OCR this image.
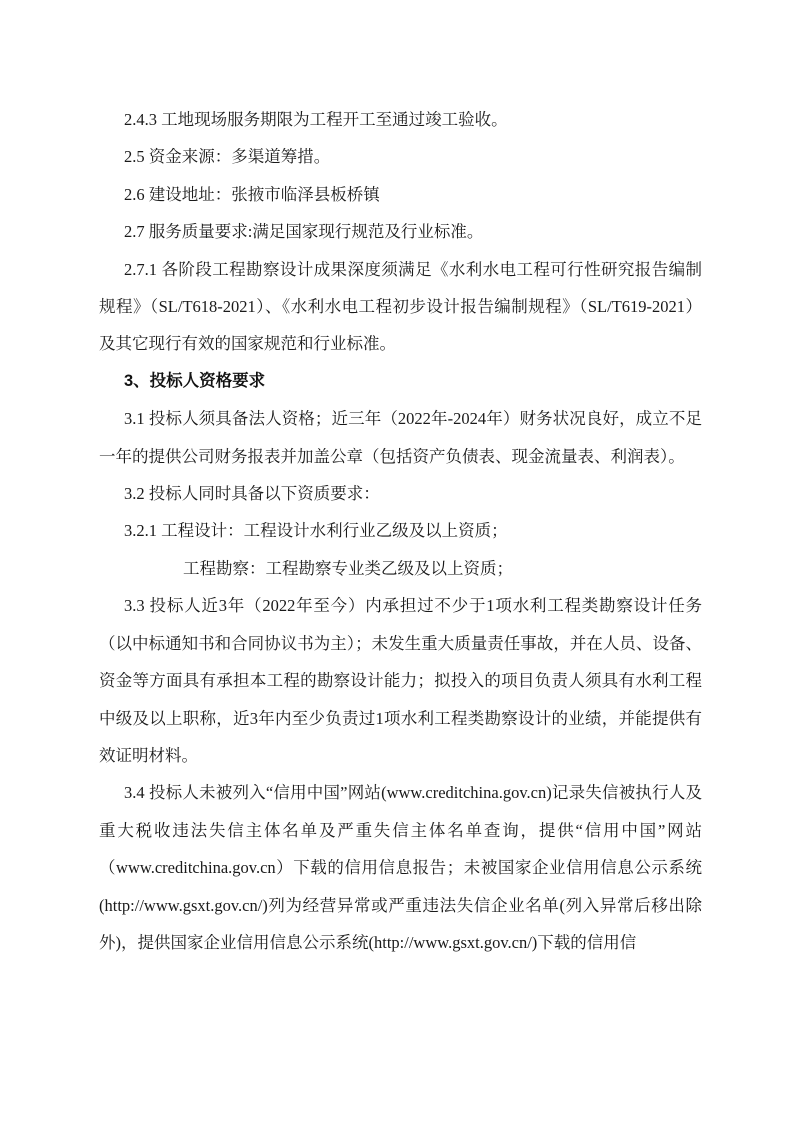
2.4.3 工地现场服务期限为工程开工至通过竣工验收。

2.5 资金来源：多渠道筹措。

2.6 建设地址：张掖市临泽县板桥镇

2.7 服务质量要求:满足国家现行规范及行业标准。

2.7.1 各阶段工程勘察设计成果深度须满足《水利水电工程可行性研究报告编制规程》（SL/T618-2021）、《水利水电工程初步设计报告编制规程》（SL/T619-2021）及其它现行有效的国家规范和行业标准。

3、投标人资格要求

3.1 投标人须具备法人资格；近三年（2022年-2024年）财务状况良好，成立不足一年的提供公司财务报表并加盖公章（包括资产负债表、现金流量表、利润表）。

3.2 投标人同时具备以下资质要求：

3.2.1 工程设计：工程设计水利行业乙级及以上资质；

工程勘察：工程勘察专业类乙级及以上资质；

3.3 投标人近3年（2022年至今）内承担过不少于1项水利工程类勘察设计任务（以中标通知书和合同协议书为主）；未发生重大质量责任事故，并在人员、设备、资金等方面具有承担本工程的勘察设计能力；拟投入的项目负责人须具有水利工程中级及以上职称，近3年内至少负责过1项水利工程类勘察设计的业绩，并能提供有效证明材料。

3.4 投标人未被列入“信用中国”网站(www.creditchina.gov.cn)记录失信被执行人及重大税收违法失信主体名单及严重失信主体名单查询，提供“信用中国”网站（www.creditchina.gov.cn）下载的信用信息报告；未被国家企业信用信息公示系统(http://www.gsxt.gov.cn/)列为经营异常或严重违法失信企业名单(列入异常后移出除外)，提供国家企业信用信息公示系统(http://www.gsxt.gov.cn/)下载的信用信
